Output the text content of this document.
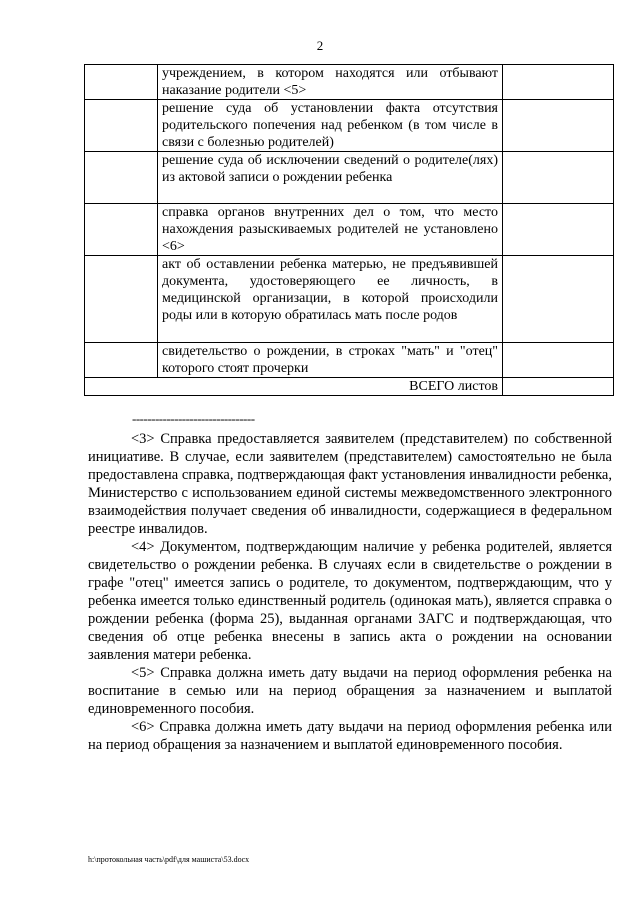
2
	учреждением, в котором находятся или отбывают наказание родители <5>	
	решение суда об установлении факта отсутствия родительского попечения над ребенком (в том числе в связи с болезнью родителей)	
	решение суда об исключении сведений о родителе(лях) из актовой записи о рождении ребенка	
	справка органов внутренних дел о том, что место нахождения разыскиваемых родителей не установлено <6>	
	акт об оставлении ребенка матерью, не предъявившей документа, удостоверяющего ее личность, в медицинской организации, в которой происходили роды или в которую обратилась мать после родов	
	свидетельство о рождении, в строках "мать" и "отец" которого стоят прочерки	
ВСЕГО листов		
--------------------------------

<3> Справка предоставляется заявителем (представителем) по собственной инициативе. В случае, если заявителем (представителем) самостоятельно не была предоставлена справка, подтверждающая факт установления инвалидности ребенка, Министерство с использованием единой системы межведомственного электронного взаимодействия получает сведения об инвалидности, содержащиеся в федеральном реестре инвалидов.

<4> Документом, подтверждающим наличие у ребенка родителей, является свидетельство о рождении ребенка. В случаях если в свидетельстве о рождении в графе "отец" имеется запись о родителе, то документом, подтверждающим, что у ребенка имеется только единственный родитель (одинокая мать), является справка о рождении ребенка (форма 25), выданная органами ЗАГС и подтверждающая, что сведения об отце ребенка внесены в запись акта о рождении на основании заявления матери ребенка.

<5> Справка должна иметь дату выдачи на период оформления ребенка на воспитание в семью или на период обращения за назначением и выплатой единовременного пособия.

<6> Справка должна иметь дату выдачи на период оформления ребенка или на период обращения за назначением и выплатой единовременного пособия.

h:\протокольная часть\pdf\для машиста\53.docx
